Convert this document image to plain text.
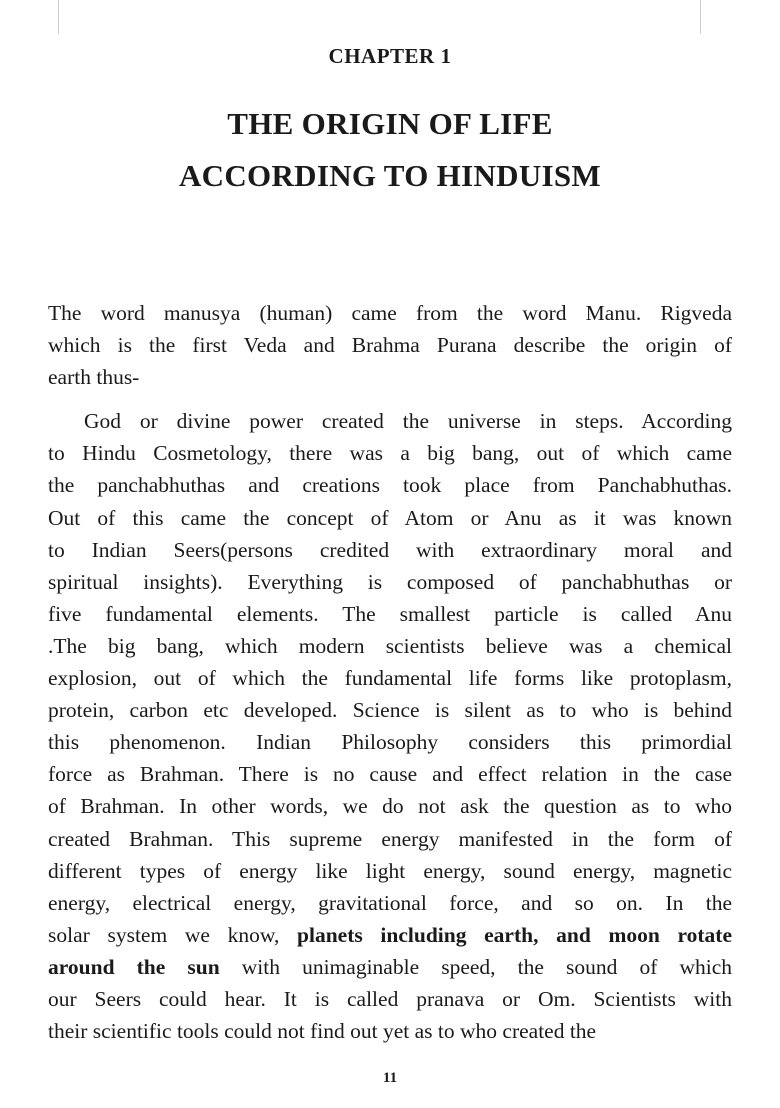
CHAPTER 1
THE ORIGIN OF LIFE
ACCORDING TO HINDUISM
The word manusya (human) came from the word Manu. Rigveda
which is the first Veda and Brahma Purana describe the origin of
earth thus-
God or divine power created the universe in steps. According
to Hindu Cosmetology, there was a big bang, out of which came
the panchabhuthas and creations took place from Panchabhuthas.
Out of this came the concept of Atom or Anu as it was known
to Indian Seers(persons credited with extraordinary moral and
spiritual insights). Everything is composed of panchabhuthas or
five fundamental elements. The smallest particle is called Anu
.The big bang, which modern scientists believe was a chemical
explosion, out of which the fundamental life forms like protoplasm,
protein, carbon etc developed. Science is silent as to who is behind
this phenomenon. Indian Philosophy considers this primordial
force as Brahman. There is no cause and effect relation in the case
of Brahman. In other words, we do not ask the question as to who
created Brahman. This supreme energy manifested in the form of
different types of energy like light energy, sound energy, magnetic
energy, electrical energy, gravitational force, and so on. In the
solar system we know, planets including earth, and moon rotate
around the sun with unimaginable speed, the sound of which
our Seers could hear. It is called pranava or Om. Scientists with
their scientific tools could not find out yet as to who created the
11
